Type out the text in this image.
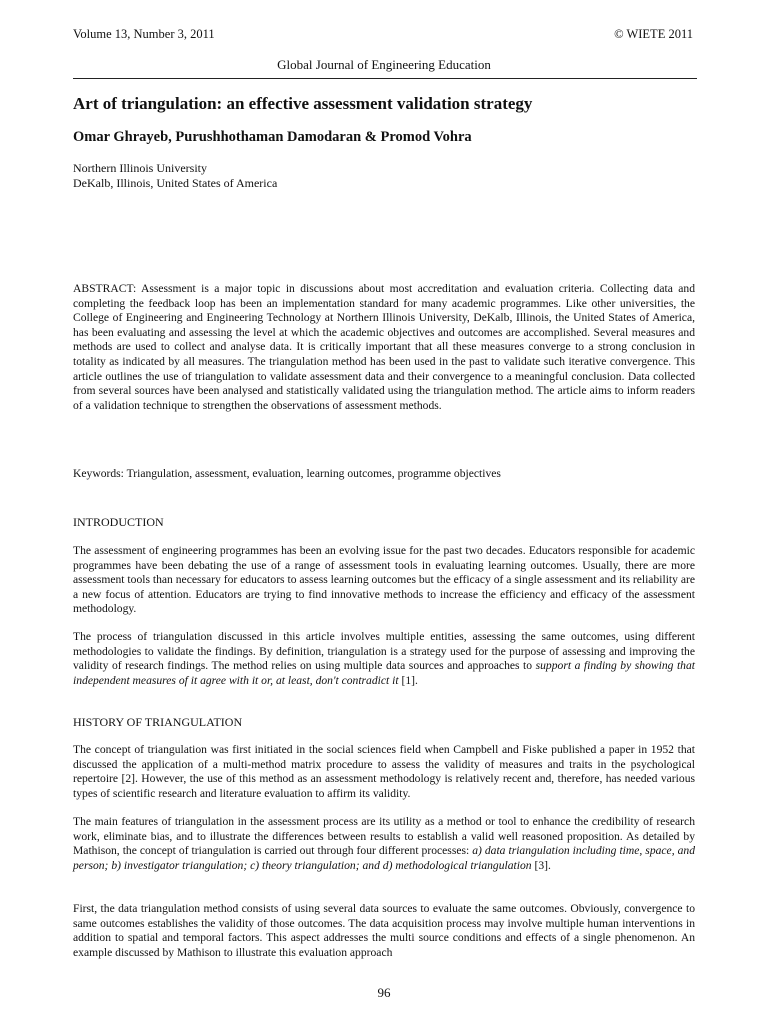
Volume 13, Number 3, 2011	© WIETE 2011
Global Journal of Engineering Education
Art of triangulation: an effective assessment validation strategy
Omar Ghrayeb, Purushhothaman Damodaran & Promod Vohra
Northern Illinois University
DeKalb, Illinois, United States of America

ABSTRACT: Assessment is a major topic in discussions about most accreditation and evaluation criteria. Collecting data and completing the feedback loop has been an implementation standard for many academic programmes. Like other universities, the College of Engineering and Engineering Technology at Northern Illinois University, DeKalb, Illinois, the United States of America, has been evaluating and assessing the level at which the academic objectives and outcomes are accomplished. Several measures and methods are used to collect and analyse data. It is critically important that all these measures converge to a strong conclusion in totality as indicated by all measures. The triangulation method has been used in the past to validate such iterative convergence. This article outlines the use of triangulation to validate assessment data and their convergence to a meaningful conclusion. Data collected from several sources have been analysed and statistically validated using the triangulation method. The article aims to inform readers of a validation technique to strengthen the observations of assessment methods.

Keywords: Triangulation, assessment, evaluation, learning outcomes, programme objectives
INTRODUCTION

The assessment of engineering programmes has been an evolving issue for the past two decades. Educators responsible for academic programmes have been debating the use of a range of assessment tools in evaluating learning outcomes. Usually, there are more assessment tools than necessary for educators to assess learning outcomes but the efficacy of a single assessment and its reliability are a new focus of attention. Educators are trying to find innovative methods to increase the efficiency and efficacy of the assessment methodology.

The process of triangulation discussed in this article involves multiple entities, assessing the same outcomes, using different methodologies to validate the findings. By definition, triangulation is a strategy used for the purpose of assessing and improving the validity of research findings. The method relies on using multiple data sources and approaches to support a finding by showing that independent measures of it agree with it or, at least, don't contradict it [1].

HISTORY OF TRIANGULATION

The concept of triangulation was first initiated in the social sciences field when Campbell and Fiske published a paper in 1952 that discussed the application of a multi-method matrix procedure to assess the validity of measures and traits in the psychological repertoire [2]. However, the use of this method as an assessment methodology is relatively recent and, therefore, has needed various types of scientific research and literature evaluation to affirm its validity.

The main features of triangulation in the assessment process are its utility as a method or tool to enhance the credibility of research work, eliminate bias, and to illustrate the differences between results to establish a valid well reasoned proposition. As detailed by Mathison, the concept of triangulation is carried out through four different processes: a) data triangulation including time, space, and person; b) investigator triangulation; c) theory triangulation; and d) methodological triangulation [3].

First, the data triangulation method consists of using several data sources to evaluate the same outcomes. Obviously, convergence to same outcomes establishes the validity of those outcomes. The data acquisition process may involve multiple human interventions in addition to spatial and temporal factors. This aspect addresses the multi source conditions and effects of a single phenomenon. An example discussed by Mathison to illustrate this evaluation approach

96
